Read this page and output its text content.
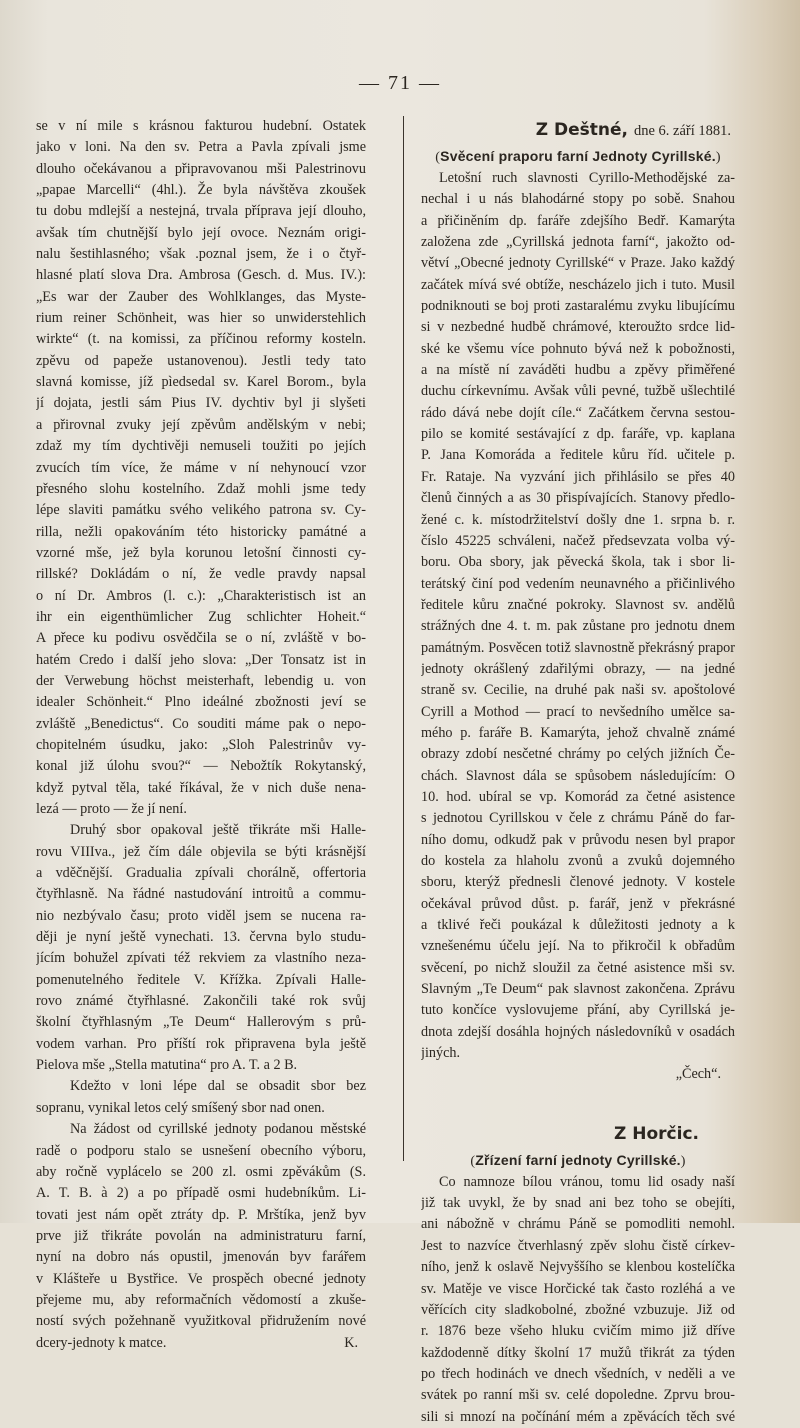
— 71 —
se v ní mile s krásnou fakturou hudební. Ostatek
jako v loni. Na den sv. Petra a Pavla zpívali jsme
dlouho očekávanou a připravovanou mši Palestrinovu
„papae Marcelli“ (4hl.). Že byla návštěva zkoušek
tu dobu mdlejší a nestejná, trvala příprava její dlouho,
avšak tím chutnější bylo její ovoce. Neznám origi-
nalu šestihlasného; však .poznal jsem, že i o čtyř-
hlasné platí slova Dra. Ambrosa (Gesch. d. Mus. IV.):
„Es war der Zauber des Wohlklanges, das Myste-
rium reiner Schönheit, was hier so unwiderstehlich
wirkte“ (t. na komissi, za příčinou reformy kosteln.
zpěvu od papeže ustanovenou). Jestli tedy tato
slavná komisse, jíž pìedsedal sv. Karel Borom., byla
jí dojata, jestli sám Pius IV. dychtiv byl ji slyšeti
a přirovnal zvuky její zpěvům andělským v nebi;
zdaž my tím dychtivěji nemuseli toužiti po jejích
zvucích tím více, že máme v ní nehynoucí vzor
přesného slohu kostelního. Zdaž mohli jsme tedy
lépe slaviti památku svého velikého patrona sv. Cy-
rilla, nežli opakováním této historicky památné a
vzorné mše, jež byla korunou letošní činnosti cy-
rillské? Dokládám o ní, že vedle pravdy napsal
o ní Dr. Ambros (l. c.): „Charakteristisch ist an
ihr ein eigenthümlicher Zug schlichter Hoheit.“
A přece ku podivu osvědčila se o ní, zvláště v bo-
hatém Credo i další jeho slova: „Der Tonsatz ist in
der Verwebung höchst meisterhaft, lebendig u. von
idealer Schönheit.“ Plno ideálné zbožnosti jeví se
zvláště „Benedictus“. Co souditi máme pak o nepo-
chopitelném úsudku, jako: „Sloh Palestrinův vy-
konal již úlohu svou?“ — Nebožtík Rokytanský,
když pytval těla, také říkával, že v nich duše nena-
lezá — proto — že jí není.
Druhý sbor opakoval ještě třikráte mši Halle-
rovu VIIIva., jež čím dále objevila se býti krásnější
a vděčnější. Gradualia zpívali chorálně, offertoria
čtyřhlasně. Na řádné nastudování introitů a commu-
nio nezbývalo času; proto viděl jsem se nucena ra-
ději je nyní ještě vynechati. 13. června bylo studu-
jícím bohužel zpívati též rekviem za vlastního neza-
pomenutelného ředitele V. Křížka. Zpívali Halle-
rovo známé čtyřhlasné. Zakončili také rok svůj
školní čtyřhlasným „Te Deum“ Hallerovým s prů-
vodem varhan. Pro příští rok připravena byla ještě
Pielova mše „Stella matutina“ pro A. T. a 2 B.
Kdežto v loni lépe dal se obsadit sbor bez
sopranu, vynikal letos celý smíšený sbor nad onen.
Na žádost od cyrillské jednoty podanou městské
radě o podporu stalo se usnešení obecního výboru,
aby ročně vyplácelo se 200 zl. osmi zpěvákům (S.
A. T. B. à 2) a po případě osmi hudebníkům. Li-
tovati jest nám opět ztráty dp. P. Mrštíka, jenž byv
prve již třikráte povolán na administraturu farní,
nyní na dobro nás opustil, jmenován byv farářem
v Klášteře u Bystřice. Ve prospěch obecné jednoty
přejeme mu, aby reformačních vědomostí a zkuše-
ností svých požehnaně využitkoval přidružením nové
dcery-jednoty k matce.	K.
Z Deštné, dne 6. září 1881.
(Svěcení praporu farní Jednoty Cyrillské.)
Letošní ruch slavnosti Cyrillo-Methodějské za-
nechal i u nás blahodárné stopy po sobě. Snahou
a přičiněním dp. faráře zdejšího Bedř. Kamarýta
založena zde „Cyrillská jednota farní“, jakožto od-
větví „Obecné jednoty Cyrillské“ v Praze. Jako každý
začátek mívá své obtíže, nescházelo jich i tuto. Musil
podniknouti se boj proti zastaralému zvyku libujícímu
si v nezbedné hudbě chrámové, kteroužto srdce lid-
ské ke všemu více pohnuto bývá než k pobožnosti,
a na místě ní zaváděti hudbu a zpěvy přiměřené
duchu církevnímu. Avšak vůli pevné, tužbě ušlechtilé
rádo dává nebe dojít cíle.“ Začátkem června sestou-
pilo se komité sestávající z dp. faráře, vp. kaplana
P. Jana Komoráda a ředitele kůru říd. učitele p.
Fr. Rataje. Na vyzvání jich přihlásilo se přes 40
členů činných a as 30 přispívajících. Stanovy předlo-
žené c. k. místodržitelství došly dne 1. srpna b. r.
číslo 45225 schváleni, načež předsevzata volba vý-
boru. Oba sbory, jak pěvecká škola, tak i sbor li-
terátský činí pod vedením neunavného a přičinlivého
ředitele kůru značné pokroky. Slavnost sv. andělů
strážných dne 4. t. m. pak zůstane pro jednotu dnem
památným. Posvěcen totiž slavnostně překrásný prapor
jednoty okrášlený zdařilými obrazy, — na jedné
straně sv. Cecilie, na druhé pak naši sv. apoštolové
Cyrill a Mothod — prací to nevšedního umělce sa-
mého p. faráře B. Kamarýta, jehož chvalně známé
obrazy zdobí nesčetné chrámy po celých jižních Če-
chách. Slavnost dála se spůsobem následujícím: O
10. hod. ubíral se vp. Komorád za četné asistence
s jednotou Cyrillskou v čele z chrámu Páně do far-
ního domu, odkudž pak v průvodu nesen byl prapor
do kostela za hlaholu zvonů a zvuků dojemného
sboru, kterýž přednesli členové jednoty. V kostele
očekával průvod důst. p. farář, jenž v překrásné
a tklivé řeči poukázal k důležitosti jednoty a k
vznešenému účelu její. Na to přikročil k obřadům
svěcení, po nichž sloužil za četné asistence mši sv.
Slavným „Te Deum“ pak slavnost zakončena. Zprávu
tuto končíce vyslovujeme přání, aby Cyrillská je-
dnota zdejší dosáhla hojných následovníků v osadách
jiných.
„Čech“.
Z Horčic.
(Zřízení farní jednoty Cyrillské.)
Co namnoze bílou vránou, tomu lid osady naší
již tak uvykl, že by snad ani bez toho se obejíti,
ani nábožně v chrámu Páně se pomodliti nemohl.
Jest to nazvíce čtverhlasný zpěv slohu čistě církev-
ního, jenž k oslavě Nejvyššího se klenbou kostelíčka
sv. Matěje ve visce Horčické tak často rozléhá a ve
věřících city sladkobolné, zbožné vzbuzuje. Již od
r. 1876 beze všeho hluku cvičím mimo již dříve
každodenně dítky školní 17 mužů třikrát za týden
po třech hodinách ve dnech všedních, v neděli a ve
svátek po ranní mši sv. celé dopoledne. Zprvu brou-
sili si mnozí na počínání mém a zpěvácích těch své
